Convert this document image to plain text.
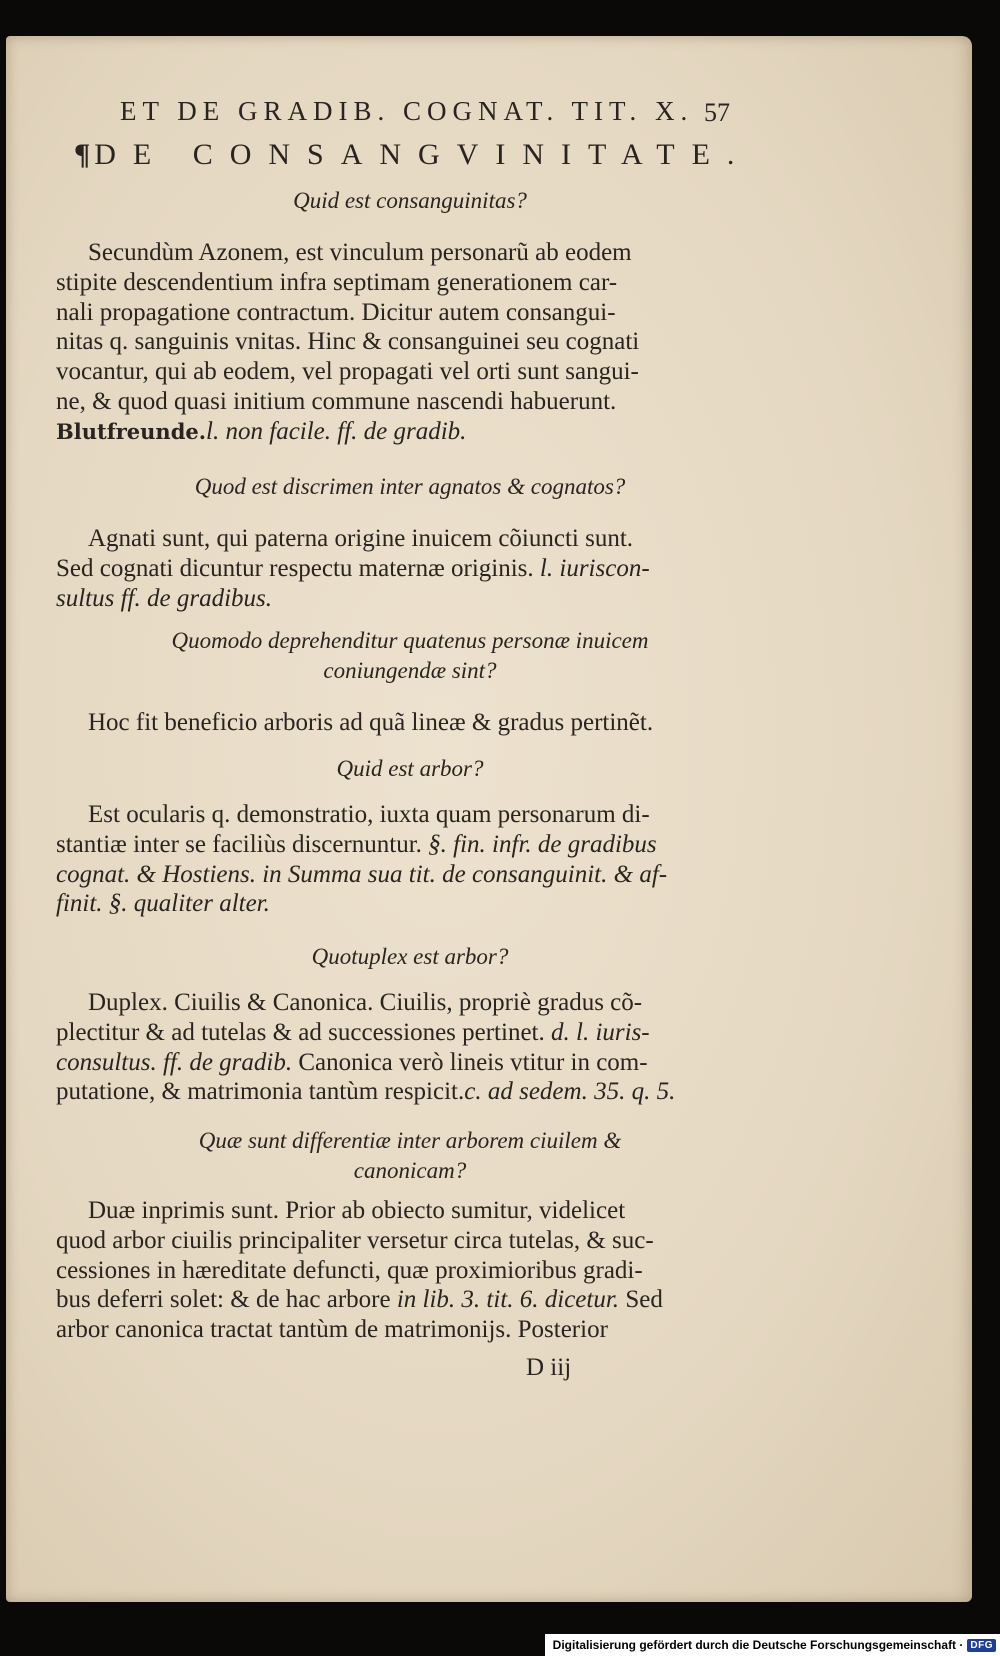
ET DE GRADIB. COGNAT. TIT. X. 57
¶DE CONSANGVINITATE.
Quid est consanguinitas?
Secundùm Azonem, est vinculum personarũ ab eodem
stipite descendentium infra septimam generationem car-
nali propagatione contractum. Dicitur autem consangui-
nitas q. sanguinis vnitas. Hinc & consanguinei seu cognati
vocantur, qui ab eodem, vel propagati vel orti sunt sangui-
ne, & quod quasi initium commune nascendi habuerunt.
Blutfreunde.l. non facile. ff. de gradib.
Quod est discrimen inter agnatos & cognatos?
Agnati sunt, qui paterna origine inuicem cõiuncti sunt.
Sed cognati dicuntur respectu maternæ originis. l. iuriscon-
sultus ff. de gradibus.
Quomodo deprehenditur quatenus personæ inuicem
coniungendæ sint?
Hoc fit beneficio arboris ad quã lineæ & gradus pertinẽt.
Quid est arbor?
Est ocularis q. demonstratio, iuxta quam personarum di-
stantiæ inter se faciliùs discernuntur. §. fin. infr. de gradibus
cognat. & Hostiens. in Summa sua tit. de consanguinit. & af-
finit. §. qualiter alter.
Quotuplex est arbor?
Duplex. Ciuilis & Canonica. Ciuilis, propriè gradus cõ-
plectitur & ad tutelas & ad successiones pertinet. d. l. iuris-
consultus. ff. de gradib. Canonica verò lineis vtitur in com-
putatione, & matrimonia tantùm respicit.c. ad sedem. 35. q. 5.
Quæ sunt differentiæ inter arborem ciuilem &
canonicam?
Duæ inprimis sunt. Prior ab obiecto sumitur, videlicet
quod arbor ciuilis principaliter versetur circa tutelas, & suc-
cessiones in hæreditate defuncti, quæ proximioribus gradi-
bus deferri solet: & de hac arbore in lib. 3. tit. 6. dicetur. Sed
arbor canonica tractat tantùm de matrimonijs. Posterior
D iij
Digitalisierung gefördert durch die Deutsche Forschungsgemeinschaft · DFG
